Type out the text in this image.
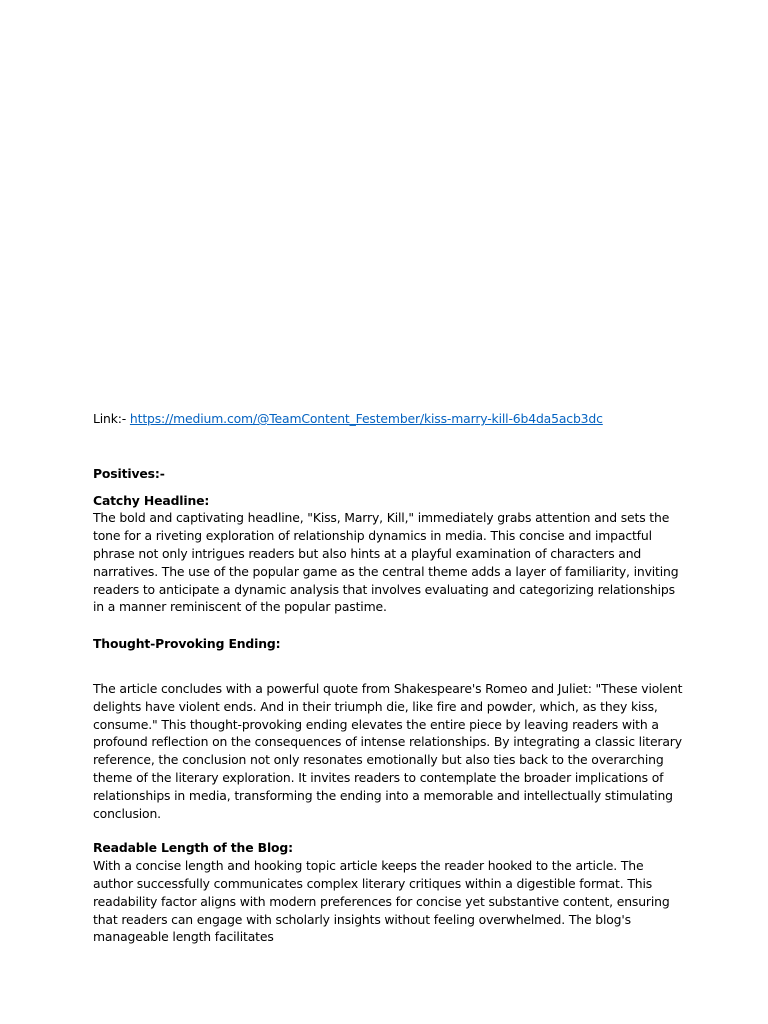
Link:- https://medium.com/@TeamContent_Festember/kiss-marry-kill-6b4da5acb3dc

Positives:-

Catchy Headline:

The bold and captivating headline, "Kiss, Marry, Kill," immediately grabs attention and sets the tone for a riveting exploration of relationship dynamics in media. This concise and impactful phrase not only intrigues readers but also hints at a playful examination of characters and narratives. The use of the popular game as the central theme adds a layer of familiarity, inviting readers to anticipate a dynamic analysis that involves evaluating and categorizing relationships in a manner reminiscent of the popular pastime.

Thought-Provoking Ending:

The article concludes with a powerful quote from Shakespeare's Romeo and Juliet: "These violent delights have violent ends. And in their triumph die, like fire and powder, which, as they kiss, consume." This thought-provoking ending elevates the entire piece by leaving readers with a profound reflection on the consequences of intense relationships. By integrating a classic literary reference, the conclusion not only resonates emotionally but also ties back to the overarching theme of the literary exploration. It invites readers to contemplate the broader implications of relationships in media, transforming the ending into a memorable and intellectually stimulating conclusion.

Readable Length of the Blog:

With a concise length and hooking topic article keeps the reader hooked to the article. The author successfully communicates complex literary critiques within a digestible format. This readability factor aligns with modern preferences for concise yet substantive content, ensuring that readers can engage with scholarly insights without feeling overwhelmed. The blog's manageable length facilitates
